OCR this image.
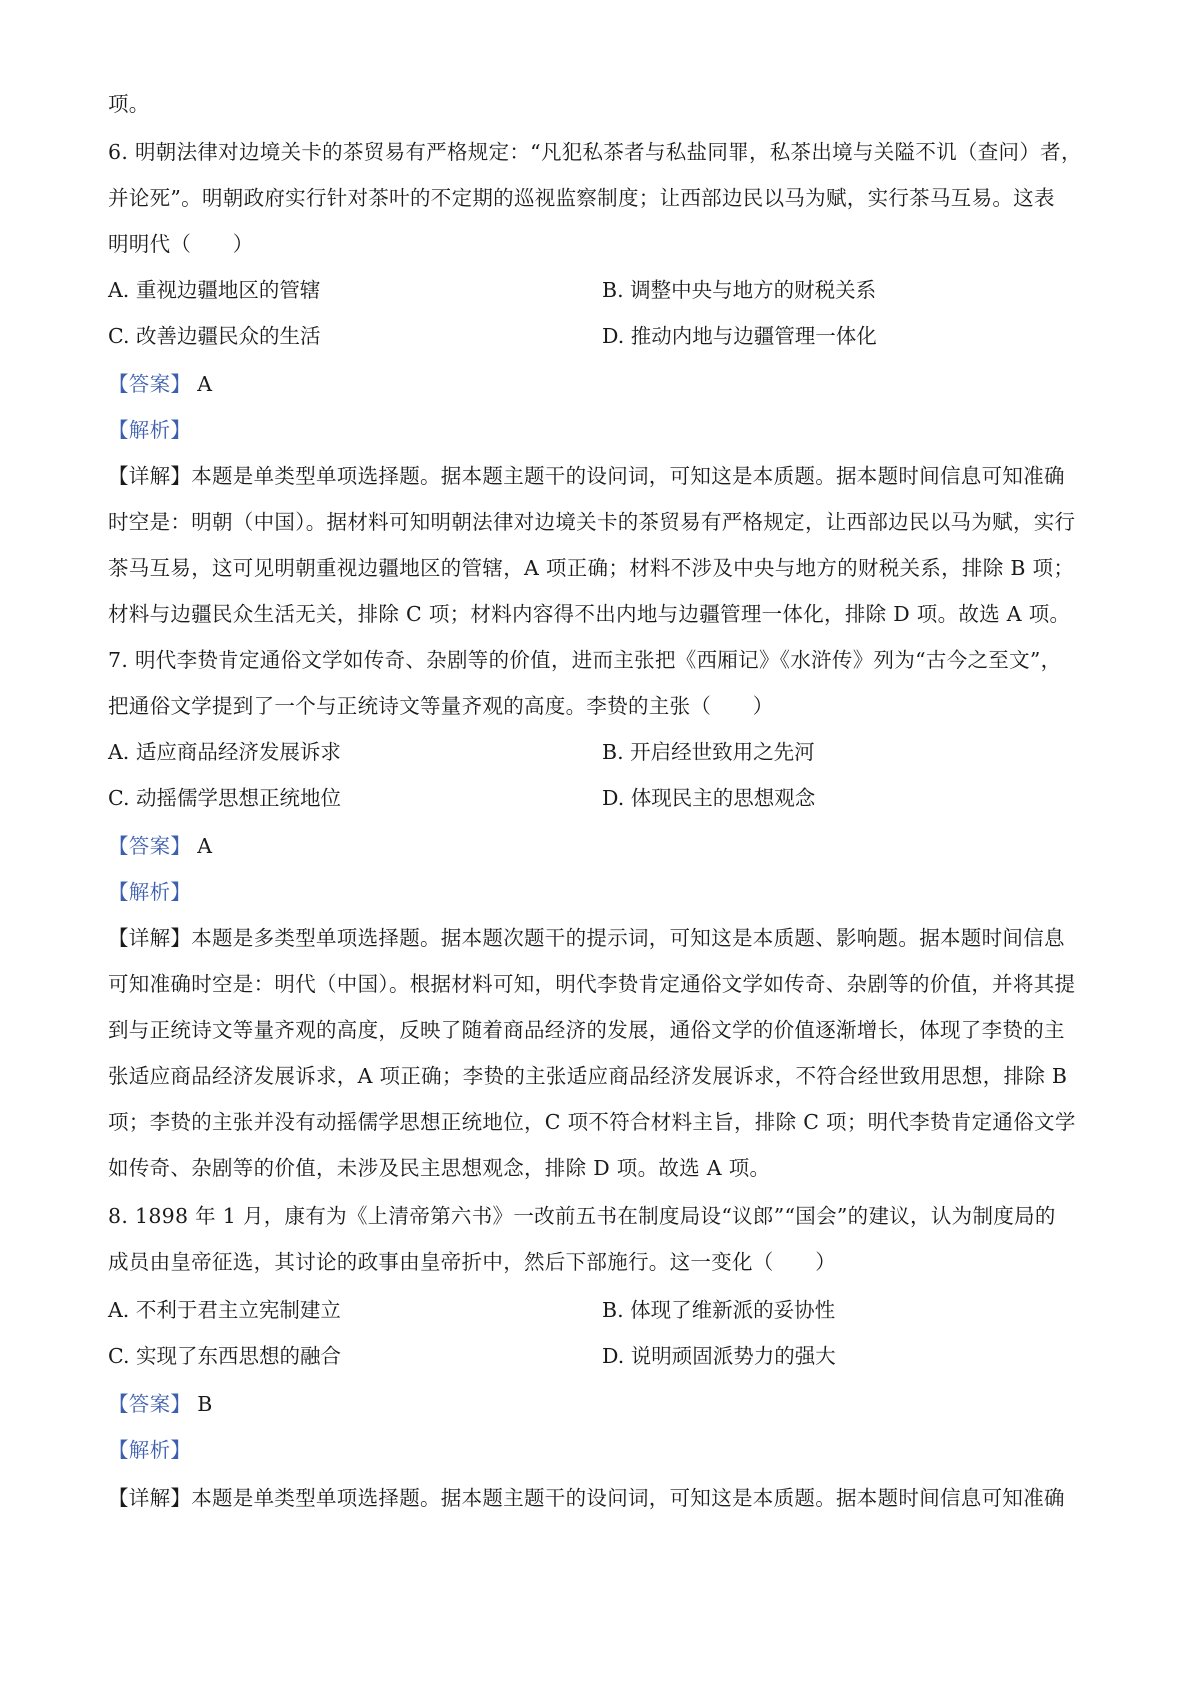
项。
6. 明朝法律对边境关卡的茶贸易有严格规定：“凡犯私茶者与私盐同罪，私茶出境与关隘不讥（查问）者，
并论死”。明朝政府实行针对茶叶的不定期的巡视监察制度；让西部边民以马为赋，实行茶马互易。这表
明明代（　　）
A. 重视边疆地区的管辖	B. 调整中央与地方的财税关系
C. 改善边疆民众的生活	D. 推动内地与边疆管理一体化
【答案】 A
【解析】
【详解】本题是单类型单项选择题。据本题主题干的设问词，可知这是本质题。据本题时间信息可知准确
时空是：明朝（中国）。据材料可知明朝法律对边境关卡的茶贸易有严格规定，让西部边民以马为赋，实行
茶马互易，这可见明朝重视边疆地区的管辖，A 项正确；材料不涉及中央与地方的财税关系，排除 B 项；
材料与边疆民众生活无关，排除 C 项；材料内容得不出内地与边疆管理一体化，排除 D 项。故选 A 项。
7. 明代李贽肯定通俗文学如传奇、杂剧等的价值，进而主张把《西厢记》《水浒传》列为“古今之至文”，
把通俗文学提到了一个与正统诗文等量齐观的高度。李贽的主张（　　）
A. 适应商品经济发展诉求	B. 开启经世致用之先河
C. 动摇儒学思想正统地位	D. 体现民主的思想观念
【答案】 A
【解析】
【详解】本题是多类型单项选择题。据本题次题干的提示词，可知这是本质题、影响题。据本题时间信息
可知准确时空是：明代（中国）。根据材料可知，明代李贽肯定通俗文学如传奇、杂剧等的价值，并将其提
到与正统诗文等量齐观的高度，反映了随着商品经济的发展，通俗文学的价值逐渐增长，体现了李贽的主
张适应商品经济发展诉求，A 项正确；李贽的主张适应商品经济发展诉求，不符合经世致用思想，排除 B
项；李贽的主张并没有动摇儒学思想正统地位，C 项不符合材料主旨，排除 C 项；明代李贽肯定通俗文学
如传奇、杂剧等的价值，未涉及民主思想观念，排除 D 项。故选 A 项。
8. 1898 年 1 月，康有为《上清帝第六书》一改前五书在制度局设“议郎”“国会”的建议，认为制度局的
成员由皇帝征选，其讨论的政事由皇帝折中，然后下部施行。这一变化（　　）
A. 不利于君主立宪制建立	B. 体现了维新派的妥协性
C. 实现了东西思想的融合	D. 说明顽固派势力的强大
【答案】 B
【解析】
【详解】本题是单类型单项选择题。据本题主题干的设问词，可知这是本质题。据本题时间信息可知准确
